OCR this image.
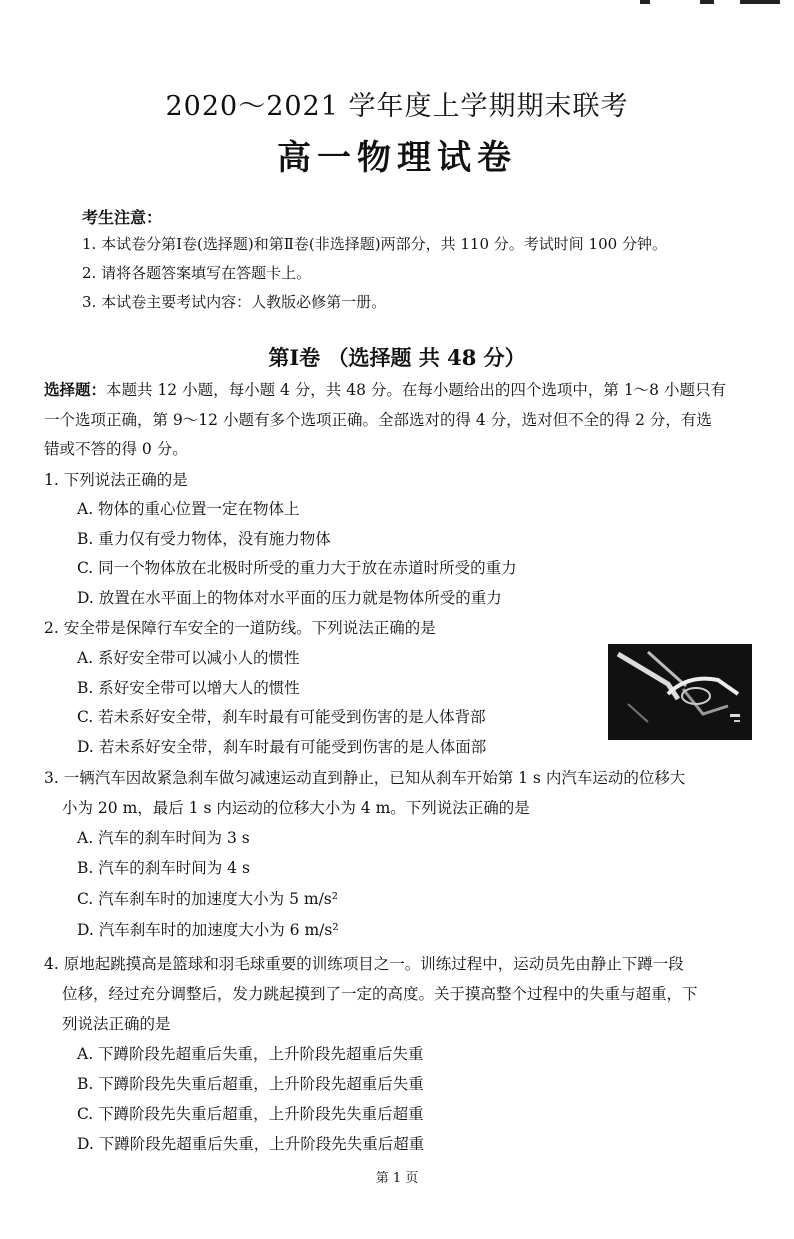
2020～2021 学年度上学期期末联考
高一物理试卷
考生注意：
1. 本试卷分第Ⅰ卷(选择题)和第Ⅱ卷(非选择题)两部分，共 110 分。考试时间 100 分钟。
2. 请将各题答案填写在答题卡上。
3. 本试卷主要考试内容：人教版必修第一册。
第Ⅰ卷 （选择题 共 48 分）
选择题：本题共 12 小题，每小题 4 分，共 48 分。在每小题给出的四个选项中，第 1～8 小题只有
一个选项正确，第 9～12 小题有多个选项正确。全部选对的得 4 分，选对但不全的得 2 分，有选
错或不答的得 0 分。
1. 下列说法正确的是
A. 物体的重心位置一定在物体上
B. 重力仅有受力物体，没有施力物体
C. 同一个物体放在北极时所受的重力大于放在赤道时所受的重力
D. 放置在水平面上的物体对水平面的压力就是物体所受的重力
2. 安全带是保障行车安全的一道防线。下列说法正确的是
A. 系好安全带可以减小人的惯性
B. 系好安全带可以增大人的惯性
C. 若未系好安全带，刹车时最有可能受到伤害的是人体背部
D. 若未系好安全带，刹车时最有可能受到伤害的是人体面部
3. 一辆汽车因故紧急刹车做匀减速运动直到静止，已知从刹车开始第 1 s 内汽车运动的位移大
小为 20 m，最后 1 s 内运动的位移大小为 4 m。下列说法正确的是
A. 汽车的刹车时间为 3 s
B. 汽车的刹车时间为 4 s
C. 汽车刹车时的加速度大小为 5 m/s²
D. 汽车刹车时的加速度大小为 6 m/s²
4. 原地起跳摸高是篮球和羽毛球重要的训练项目之一。训练过程中，运动员先由静止下蹲一段
位移，经过充分调整后，发力跳起摸到了一定的高度。关于摸高整个过程中的失重与超重，下
列说法正确的是
A. 下蹲阶段先超重后失重，上升阶段先超重后失重
B. 下蹲阶段先失重后超重，上升阶段先超重后失重
C. 下蹲阶段先失重后超重，上升阶段先失重后超重
D. 下蹲阶段先超重后失重，上升阶段先失重后超重
第 1 页
